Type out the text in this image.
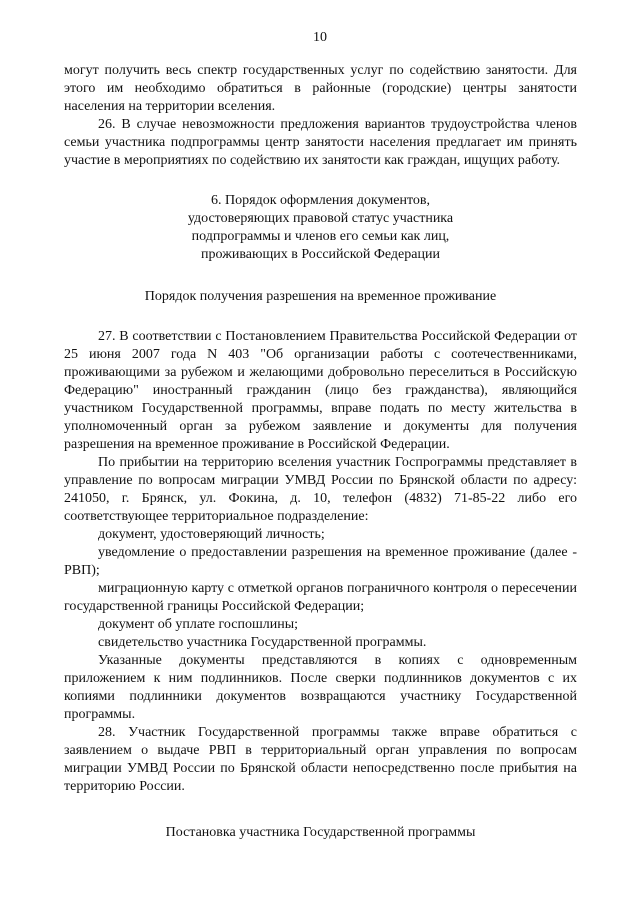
10

могут получить весь спектр государственных услуг по содействию занятости. Для этого им необходимо обратиться в районные (городские) центры занятости населения на территории вселения.

26. В случае невозможности предложения вариантов трудоустройства членов семьи участника подпрограммы центр занятости населения предлагает им принять участие в мероприятиях по содействию их занятости как граждан, ищущих работу.

6. Порядок оформления документов,
удостоверяющих правовой статус участника
подпрограммы и членов его семьи как лиц,
проживающих в Российской Федерации
Порядок получения разрешения на временное проживание

27. В соответствии с Постановлением Правительства Российской Федерации от 25 июня 2007 года N 403 "Об организации работы с соотечественниками, проживающими за рубежом и желающими добровольно переселиться в Российскую Федерацию" иностранный гражданин (лицо без гражданства), являющийся участником Государственной программы, вправе подать по месту жительства в уполномоченный орган за рубежом заявление и документы для получения разрешения на временное проживание в Российской Федерации.

По прибытии на территорию вселения участник Госпрограммы представляет в управление по вопросам миграции УМВД России по Брянской области по адресу: 241050, г. Брянск, ул. Фокина, д. 10, телефон (4832) 71-85-22 либо его соответствующее территориальное подразделение:

документ, удостоверяющий личность;

уведомление о предоставлении разрешения на временное проживание (далее - РВП);

миграционную карту с отметкой органов пограничного контроля о пересечении государственной границы Российской Федерации;

документ об уплате госпошлины;

свидетельство участника Государственной программы.

Указанные документы представляются в копиях с одновременным приложением к ним подлинников. После сверки подлинников документов с их копиями подлинники документов возвращаются участнику Государственной программы.

28. Участник Государственной программы также вправе обратиться с заявлением о выдаче РВП в территориальный орган управления по вопросам миграции УМВД России по Брянской области непосредственно после прибытия на территорию России.

Постановка участника Государственной программы
